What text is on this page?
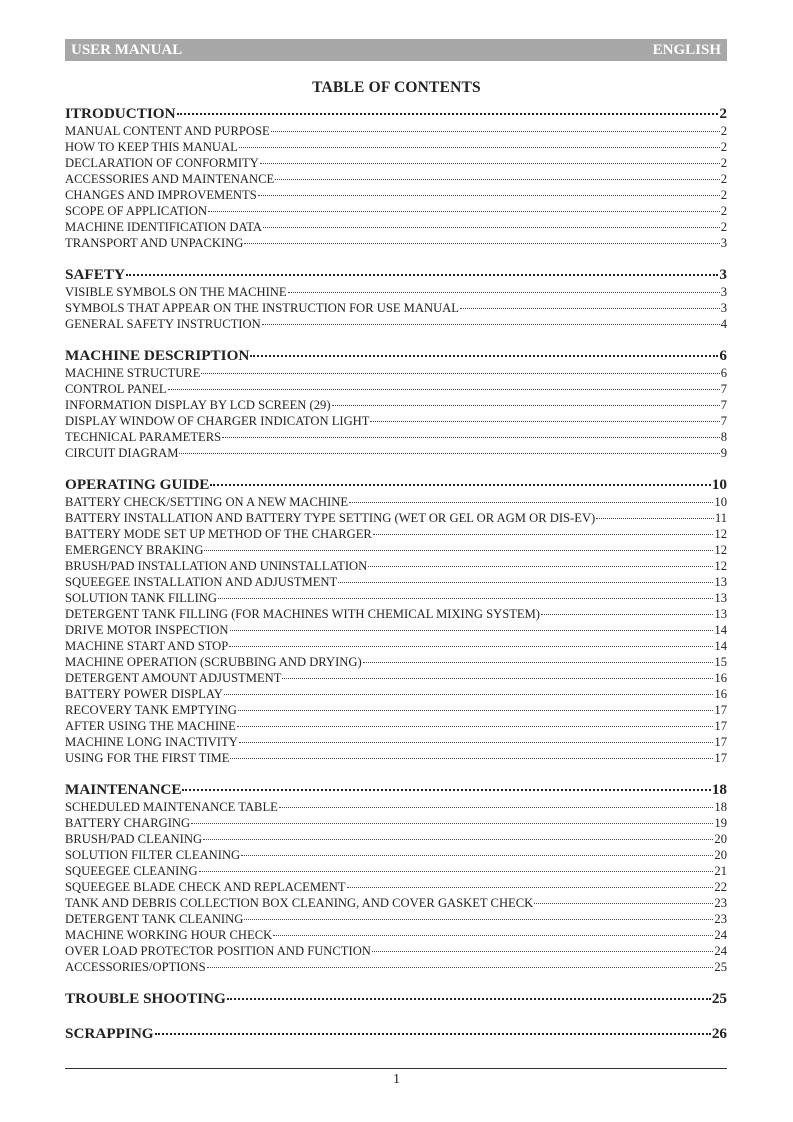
USER MANUAL	ENGLISH
TABLE OF CONTENTS
ITRODUCTION	2
MANUAL CONTENT AND PURPOSE	2
HOW TO KEEP THIS MANUAL	2
DECLARATION OF CONFORMITY	2
ACCESSORIES AND MAINTENANCE	2
CHANGES AND IMPROVEMENTS	2
SCOPE OF APPLICATION	2
MACHINE IDENTIFICATION DATA	2
TRANSPORT AND UNPACKING	3
SAFETY	3
VISIBLE SYMBOLS ON THE MACHINE	3
SYMBOLS THAT APPEAR ON THE INSTRUCTION FOR USE MANUAL	3
GENERAL SAFETY INSTRUCTION	4
MACHINE DESCRIPTION	6
MACHINE STRUCTURE	6
CONTROL PANEL	7
INFORMATION DISPLAY BY LCD SCREEN (29)	7
DISPLAY WINDOW OF CHARGER INDICATON LIGHT	7
TECHNICAL PARAMETERS	8
CIRCUIT DIAGRAM	9
OPERATING GUIDE	10
BATTERY CHECK/SETTING ON A NEW MACHINE	10
BATTERY INSTALLATION AND BATTERY TYPE SETTING (WET OR GEL OR AGM OR DIS-EV)	11
BATTERY MODE SET UP METHOD OF THE CHARGER	12
EMERGENCY BRAKING	12
BRUSH/PAD INSTALLATION AND UNINSTALLATION	12
SQUEEGEE INSTALLATION AND ADJUSTMENT	13
SOLUTION TANK FILLING	13
DETERGENT TANK FILLING (FOR MACHINES WITH CHEMICAL MIXING SYSTEM)	13
DRIVE MOTOR INSPECTION	14
MACHINE START AND STOP	14
MACHINE OPERATION (SCRUBBING AND DRYING)	15
DETERGENT AMOUNT ADJUSTMENT	16
BATTERY POWER DISPLAY	16
RECOVERY TANK EMPTYING	17
AFTER USING THE MACHINE	17
MACHINE LONG INACTIVITY	17
USING FOR THE FIRST TIME	17
MAINTENANCE	18
SCHEDULED MAINTENANCE TABLE	18
BATTERY CHARGING	19
BRUSH/PAD CLEANING	20
SOLUTION FILTER CLEANING	20
SQUEEGEE CLEANING	21
SQUEEGEE BLADE CHECK AND REPLACEMENT	22
TANK AND DEBRIS COLLECTION BOX CLEANING, AND COVER GASKET CHECK	23
DETERGENT TANK CLEANING	23
MACHINE WORKING HOUR CHECK	24
OVER LOAD PROTECTOR POSITION AND FUNCTION	24
ACCESSORIES/OPTIONS	25
TROUBLE SHOOTING	25
SCRAPPING	26
1
